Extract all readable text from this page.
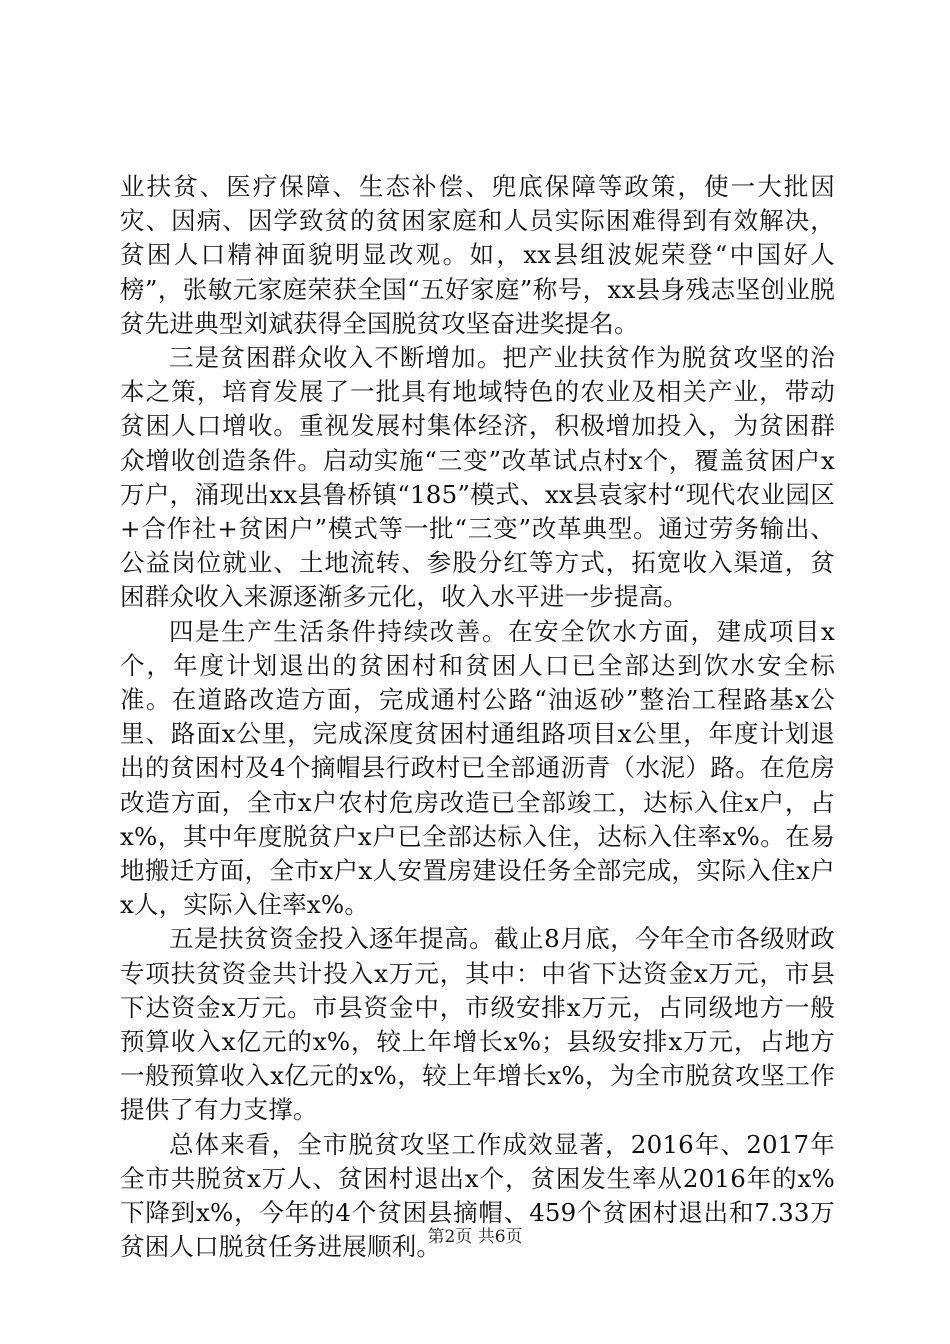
业扶贫、医疗保障、生态补偿、兜底保障等政策，使一大批因灾、因病、因学致贫的贫困家庭和人员实际困难得到有效解决，贫困人口精神面貌明显改观。如，xx县组波妮荣登“中国好人榜”，张敏元家庭荣获全国“五好家庭”称号，xx县身残志坚创业脱贫先进典型刘斌获得全国脱贫攻坚奋进奖提名。

三是贫困群众收入不断增加。把产业扶贫作为脱贫攻坚的治本之策，培育发展了一批具有地域特色的农业及相关产业，带动贫困人口增收。重视发展村集体经济，积极增加投入，为贫困群众增收创造条件。启动实施“三变”改革试点村x个，覆盖贫困户x万户，涌现出xx县鲁桥镇“185”模式、xx县袁家村“现代农业园区+合作社+贫困户”模式等一批“三变”改革典型。通过劳务输出、公益岗位就业、土地流转、参股分红等方式，拓宽收入渠道，贫困群众收入来源逐渐多元化，收入水平进一步提高。

四是生产生活条件持续改善。在安全饮水方面，建成项目x个，年度计划退出的贫困村和贫困人口已全部达到饮水安全标准。在道路改造方面，完成通村公路“油返砂”整治工程路基x公里、路面x公里，完成深度贫困村通组路项目x公里，年度计划退出的贫困村及4个摘帽县行政村已全部通沥青（水泥）路。在危房改造方面，全市x户农村危房改造已全部竣工，达标入住x户，占x%，其中年度脱贫户x户已全部达标入住，达标入住率x%。在易地搬迁方面，全市x户x人安置房建设任务全部完成，实际入住x户x人，实际入住率x%。

五是扶贫资金投入逐年提高。截止8月底，今年全市各级财政专项扶贫资金共计投入x万元，其中：中省下达资金x万元，市县下达资金x万元。市县资金中，市级安排x万元，占同级地方一般预算收入x亿元的x%，较上年增长x%；县级安排x万元，占地方一般预算收入x亿元的x%，较上年增长x%，为全市脱贫攻坚工作提供了有力支撑。

总体来看，全市脱贫攻坚工作成效显著，2016年、2017年全市共脱贫x万人、贫困村退出x个，贫困发生率从2016年的x%下降到x%，今年的4个贫困县摘帽、459个贫困村退出和7.33万贫困人口脱贫任务进展顺利。

第2页 共6页
